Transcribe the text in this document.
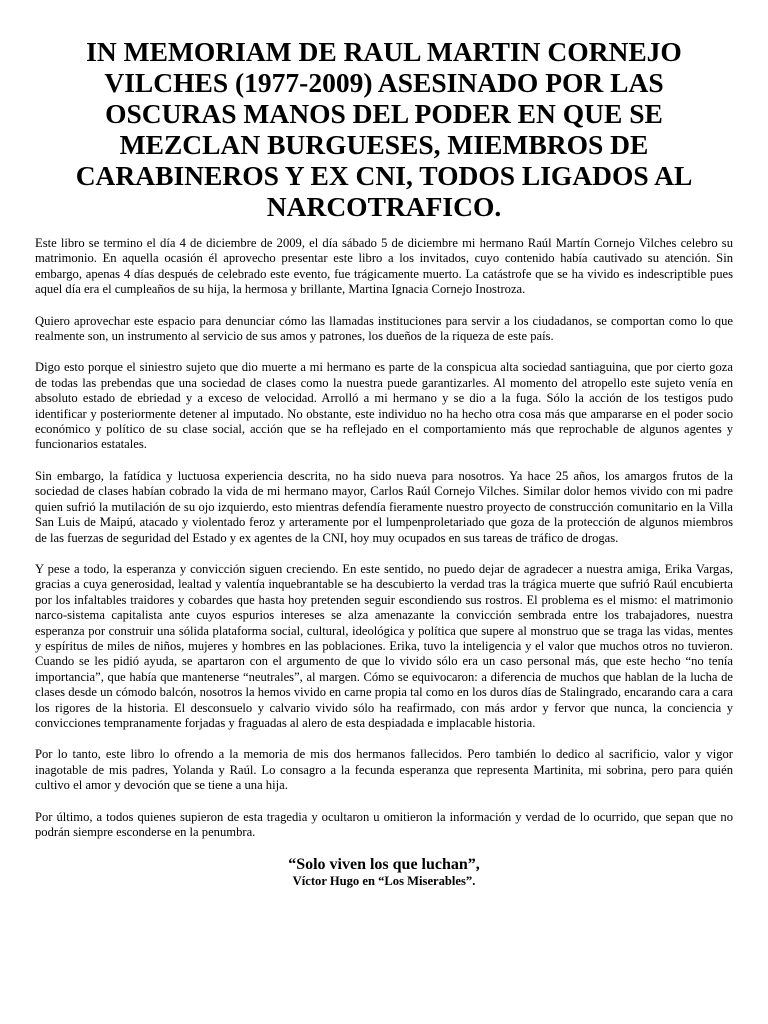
IN MEMORIAM DE RAUL MARTIN CORNEJO VILCHES (1977-2009) ASESINADO POR LAS OSCURAS MANOS DEL PODER EN QUE SE MEZCLAN BURGUESES, MIEMBROS DE CARABINEROS Y EX CNI, TODOS LIGADOS AL NARCOTRAFICO.

Este libro se termino el día 4 de diciembre de 2009, el día sábado 5 de diciembre mi hermano Raúl Martín Cornejo Vilches celebro su matrimonio. En aquella ocasión él aprovecho presentar este libro a los invitados, cuyo contenido había cautivado su atención. Sin embargo, apenas 4 días después de celebrado este evento, fue trágicamente muerto. La catástrofe que se ha vivido es indescriptible pues aquel día era el cumpleaños de su hija, la hermosa y brillante, Martina Ignacia Cornejo Inostroza.

Quiero aprovechar este espacio para denunciar cómo las llamadas instituciones para servir a los ciudadanos, se comportan como lo que realmente son, un instrumento al servicio de sus amos y patrones, los dueños de la riqueza de este país.

Digo esto porque el siniestro sujeto que dio muerte a mi hermano es parte de la conspicua alta sociedad santiaguina, que por cierto goza de todas las prebendas que una sociedad de clases como la nuestra puede garantizarles. Al momento del atropello este sujeto venía en absoluto estado de ebriedad y a exceso de velocidad. Arrolló a mi hermano y se dio a la fuga. Sólo la acción de los testigos pudo identificar y posteriormente detener al imputado. No obstante, este individuo no ha hecho otra cosa más que ampararse en el poder socio económico y político de su clase social, acción que se ha reflejado en el comportamiento más que reprochable de algunos agentes y funcionarios estatales.

Sin embargo, la fatídica y luctuosa experiencia descrita, no ha sido nueva para nosotros. Ya hace 25 años, los amargos frutos de la sociedad de clases habían cobrado la vida de mi hermano mayor, Carlos Raúl Cornejo Vilches. Similar dolor hemos vivido con mi padre quien sufrió la mutilación de su ojo izquierdo, esto mientras defendía fieramente nuestro proyecto de construcción comunitario en la Villa San Luis de Maipú, atacado y violentado feroz y arteramente por el lumpenproletariado que goza de la protección de algunos miembros de las fuerzas de seguridad del Estado y ex agentes de la CNI, hoy muy ocupados en sus tareas de tráfico de drogas.

Y pese a todo, la esperanza y convicción siguen creciendo. En este sentido, no puedo dejar de agradecer a nuestra amiga, Erika Vargas, gracias a cuya generosidad, lealtad y valentía inquebrantable se ha descubierto la verdad tras la trágica muerte que sufrió Raúl encubierta por los infaltables traidores y cobardes que hasta hoy pretenden seguir escondiendo sus rostros. El problema es el mismo: el matrimonio narco-sistema capitalista ante cuyos espurios intereses se alza amenazante la convicción sembrada entre los trabajadores, nuestra esperanza por construir una sólida plataforma social, cultural, ideológica y política que supere al monstruo que se traga las vidas, mentes y espíritus de miles de niños, mujeres y hombres en las poblaciones. Erika, tuvo la inteligencia y el valor que muchos otros no tuvieron. Cuando se les pidió ayuda, se apartaron con el argumento de que lo vivido sólo era un caso personal más, que este hecho “no tenía importancia”, que había que mantenerse “neutrales”, al margen. Cómo se equivocaron: a diferencia de muchos que hablan de la lucha de clases desde un cómodo balcón, nosotros la hemos vivido en carne propia tal como en los duros días de Stalingrado, encarando cara a cara los rigores de la historia. El desconsuelo y calvario vivido sólo ha reafirmado, con más ardor y fervor que nunca, la conciencia y convicciones tempranamente forjadas y fraguadas al alero de esta despiadada e implacable historia.

Por lo tanto, este libro lo ofrendo a la memoria de mis dos hermanos fallecidos. Pero también lo dedico al sacrificio, valor y vigor inagotable de mis padres, Yolanda y Raúl. Lo consagro a la fecunda esperanza que representa Martinita, mi sobrina, pero para quién cultivo el amor y devoción que se tiene a una hija.

Por último, a todos quienes supieron de esta tragedia y ocultaron u omitieron la información y verdad de lo ocurrido, que sepan que no podrán siempre esconderse en la penumbra.

“Solo viven los que luchan”,
Víctor Hugo en “Los Miserables”.
